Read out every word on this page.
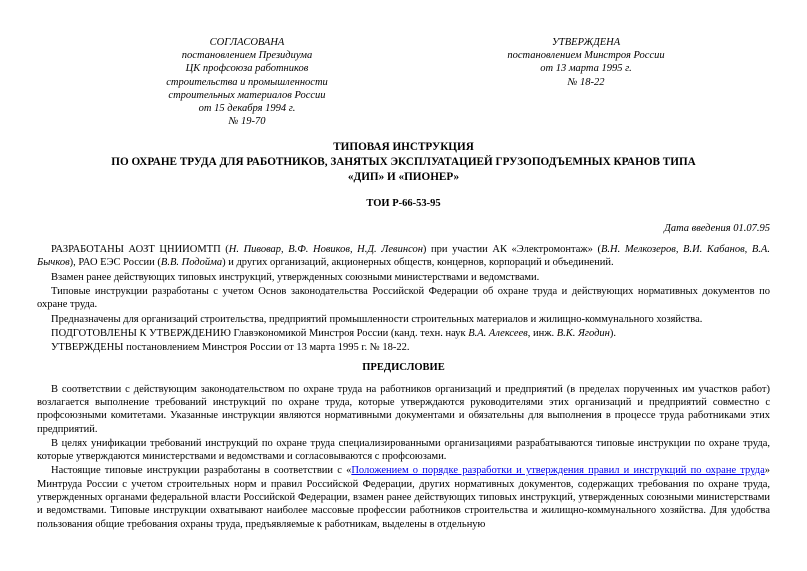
СОГЛАСОВАНА
постановлением Президиума
ЦК профсоюза работников
строительства и промышленности
строительных материалов России
от 15 декабря 1994 г.
№ 19-70
УТВЕРЖДЕНА
постановлением Минстроя России
от 13 марта 1995 г.
№ 18-22
ТИПОВАЯ ИНСТРУКЦИЯ
ПО ОХРАНЕ ТРУДА ДЛЯ РАБОТНИКОВ, ЗАНЯТЫХ ЭКСПЛУАТАЦИЕЙ ГРУЗОПОДЪЕМНЫХ КРАНОВ ТИПА
«ДИП» И «ПИОНЕР»
ТОИ Р-66-53-95
Дата введения 01.07.95

РАЗРАБОТАНЫ АОЗТ ЦНИИОМТП (Н. Пивовар, В.Ф. Новиков, Н.Д. Левинсон) при участии АК «Электромонтаж» (В.Н. Мелкозеров, В.И. Кабанов, В.А. Бычков), РАО ЕЭС России (В.В. Подойма) и других организаций, акционерных обществ, концернов, корпораций и объединений.

Взамен ранее действующих типовых инструкций, утвержденных союзными министерствами и ведомствами.

Типовые инструкции разработаны с учетом Основ законодательства Российской Федерации об охране труда и действующих нормативных документов по охране труда.

Предназначены для организаций строительства, предприятий промышленности строительных материалов и жилищно-коммунального хозяйства.

ПОДГОТОВЛЕНЫ К УТВЕРЖДЕНИЮ Главэкономикой Минстроя России (канд. техн. наук В.А. Алексеев, инж. В.К. Ягодин).

УТВЕРЖДЕНЫ постановлением Минстроя России от 13 марта 1995 г. № 18-22.

ПРЕДИСЛОВИЕ

В соответствии с действующим законодательством по охране труда на работников организаций и предприятий (в пределах порученных им участков работ) возлагается выполнение требований инструкций по охране труда, которые утверждаются руководителями этих организаций и предприятий совместно с профсоюзными комитетами. Указанные инструкции являются нормативными документами и обязательны для выполнения в процессе труда работниками этих предприятий.

В целях унификации требований инструкций по охране труда специализированными организациями разрабатываются типовые инструкции по охране труда, которые утверждаются министерствами и ведомствами и согласовываются с профсоюзами.

Настоящие типовые инструкции разработаны в соответствии с «Положением о порядке разработки и утверждения правил и инструкций по охране труда» Минтруда России с учетом строительных норм и правил Российской Федерации, других нормативных документов, содержащих требования по охране труда, утвержденных органами федеральной власти Российской Федерации, взамен ранее действующих типовых инструкций, утвержденных союзными министерствами и ведомствами. Типовые инструкции охватывают наиболее массовые профессии работников строительства и жилищно-коммунального хозяйства. Для удобства пользования общие требования охраны труда, предъявляемые к работникам, выделены в отдельную
